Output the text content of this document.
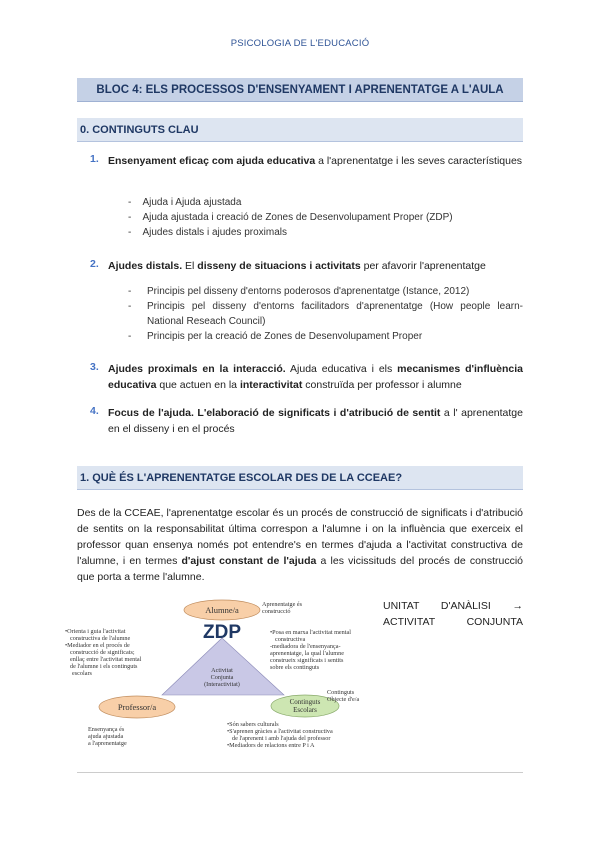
PSICOLOGIA DE L'EDUCACIÓ
BLOC 4: ELS PROCESSOS D'ENSENYAMENT I APRENENTATGE A L'AULA
0. CONTINGUTS CLAU
1. Ensenyament eficaç com ajuda educativa a l'aprenentatge i les seves característiques
- Ajuda i Ajuda ajustada
- Ajuda ajustada i creació de Zones de Desenvolupament Proper (ZDP)
- Ajudes distals i ajudes proximals
2. Ajudes distals. El disseny de situacions i activitats per afavorir l'aprenentatge
-	Principis pel disseny d'entorns poderosos d'aprenentatge (Istance, 2012)
-	Principis pel disseny d'entorns facilitadors d'aprenentatge (How people learn-National Reseach Council)
-	Principis per la creació de Zones de Desenvolupament Proper
3. Ajudes proximals en la interacció. Ajuda educativa i els mecanismes d'influència educativa que actuen en la interactivitat construïda per professor i alumne
4. Focus de l'ajuda. L'elaboració de significats i d'atribució de sentit a l' aprenentatge en el disseny i en el procés
1. QUÈ ÉS L'APRENENTATGE ESCOLAR DES DE LA CCEAE?
Des de la CCEAE, l'aprenentatge escolar és un procés de construcció de significats i d'atribució de sentits on la responsabilitat última correspon a l'alumne i on la influència que exerceix el professor quan ensenya només pot entendre's en termes d'ajuda a l'activitat constructiva de l'alumne, i en termes d'ajust constant de l'ajuda a les vicissituds del procés de construcció que porta a terme l'alumne.
Activitat
Conjunta
(Interactivitat)
ZDP
Alumne/a
Professor/a	Continguts
Escolars
Aprenentatge és
construcció
•Orienta i guia l'activitat
constructiva de l'alumne
•Mediador en el procés de
construcció de significats;
enllaç entre l'activitat mental
de l'alumne i els continguts
escolars
•Posa en marxa l'activitat mental
constructiva
-mediadora de l'ensenyança-
aprenentatge, la qual l'alumne
construeix significats i sentits
sobre els continguts
Continguts
Objecte d'e/a
Ensenyança és
ajuda ajustada
a l'aprenentatge
•Són sabers culturals
•S'aprenen gràcies a l'activitat constructiva
de l'aprenent i amb l'ajuda del professor
•Mediadors de relacions entre P i A
UNITAT D'ANÀLISI → ACTIVITAT CONJUNTA
